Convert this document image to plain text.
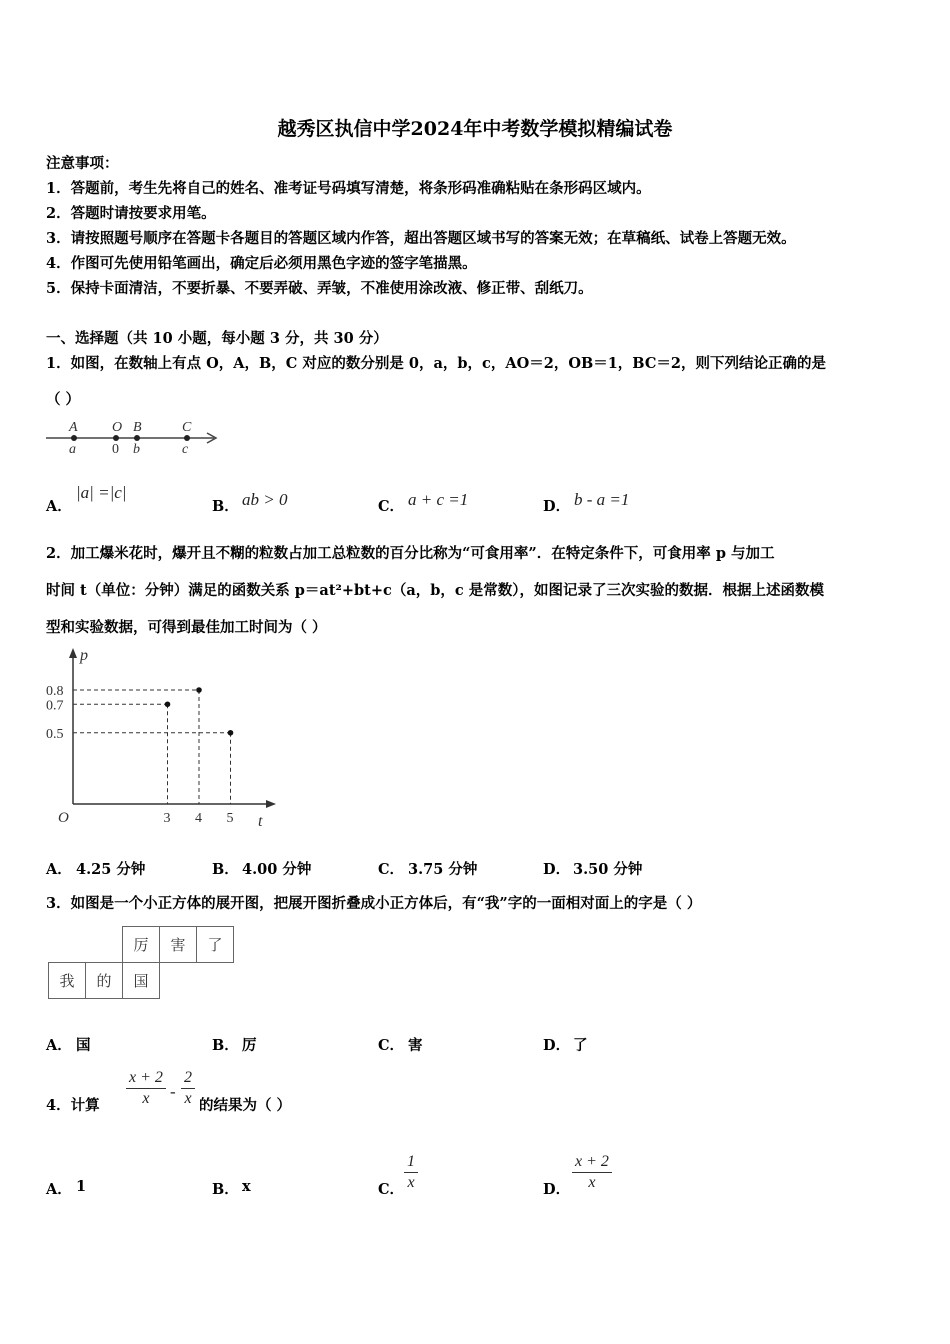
越秀区执信中学2024年中考数学模拟精编试卷
注意事项：
1．答题前，考生先将自己的姓名、准考证号码填写清楚，将条形码准确粘贴在条形码区域内。
2．答题时请按要求用笔。
3．请按照题号顺序在答题卡各题目的答题区域内作答，超出答题区域书写的答案无效；在草稿纸、试卷上答题无效。
4．作图可先使用铅笔画出，确定后必须用黑色字迹的签字笔描黑。
5．保持卡面清洁，不要折暴、不要弄破、弄皱，不准使用涂改液、修正带、刮纸刀。
一、选择题（共 10 小题，每小题 3 分，共 30 分）
1．如图，在数轴上有点 O，A，B，C 对应的数分别是 0，a，b，c，AO＝2，OB＝1，BC＝2，则下列结论正确的是
（ ）
A O B	C
a	0 b	c
A．
|a| =|c|
B． ab > 0	C． a + c =1	D． b - a =1
2．加工爆米花时，爆开且不糊的粒数占加工总粒数的百分比称为“可食用率”．在特定条件下，可食用率 p 与加工
时间 t（单位：分钟）满足的函数关系 p＝at²+bt+c（a，b，c 是常数），如图记录了三次实验的数据．根据上述函数模
型和实验数据，可得到最佳加工时间为（ ）
p
t
O	3 4 5
0.8
0.7
0.5
A． 4.25 分钟	B． 4.00 分钟	C． 3.75 分钟	D． 3.50 分钟
3．如图是一个小正方体的展开图，把展开图折叠成小正方体后，有“我”字的一面相对面上的字是（ ）
		厉	害	了
我	的	国		
A． 国	B． 厉	C． 害	D． 了
4．计算 $\frac{x + 2}{x} - \frac{2}{x}$ 的结果为（ ）
A． 1	B． x	C． $\frac{1}{x}$	D． $\frac{x + 2}{x}$
